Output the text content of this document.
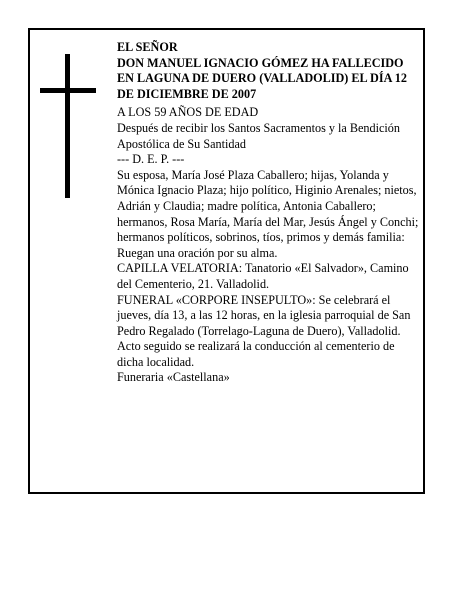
EL SEÑOR
DON MANUEL IGNACIO GÓMEZ HA FALLECIDO EN LAGUNA DE DUERO (VALLADOLID) EL DÍA 12 DE DICIEMBRE DE 2007

A LOS 59 AÑOS DE EDAD

Después de recibir los Santos Sacramentos y la Bendición Apostólica de Su Santidad

--- D. E. P. ---

Su esposa, María José Plaza Caballero; hijas, Yolanda y Mónica Ignacio Plaza; hijo político, Higinio Arenales; nietos, Adrián y Claudia; madre política, Antonia Caballero; hermanos, Rosa María, María del Mar, Jesús Ángel y Conchi; hermanos políticos, sobrinos, tíos, primos y demás familia:

Ruegan una oración por su alma.

CAPILLA VELATORIA: Tanatorio «El Salvador», Camino del Cementerio, 21. Valladolid.

FUNERAL «CORPORE INSEPULTO»: Se celebrará el jueves, día 13, a las 12 horas, en la iglesia parroquial de San Pedro Regalado (Torrelago-Laguna de Duero), Valladolid. Acto seguido se realizará la conducción al cementerio de dicha localidad.

Funeraria «Castellana»
